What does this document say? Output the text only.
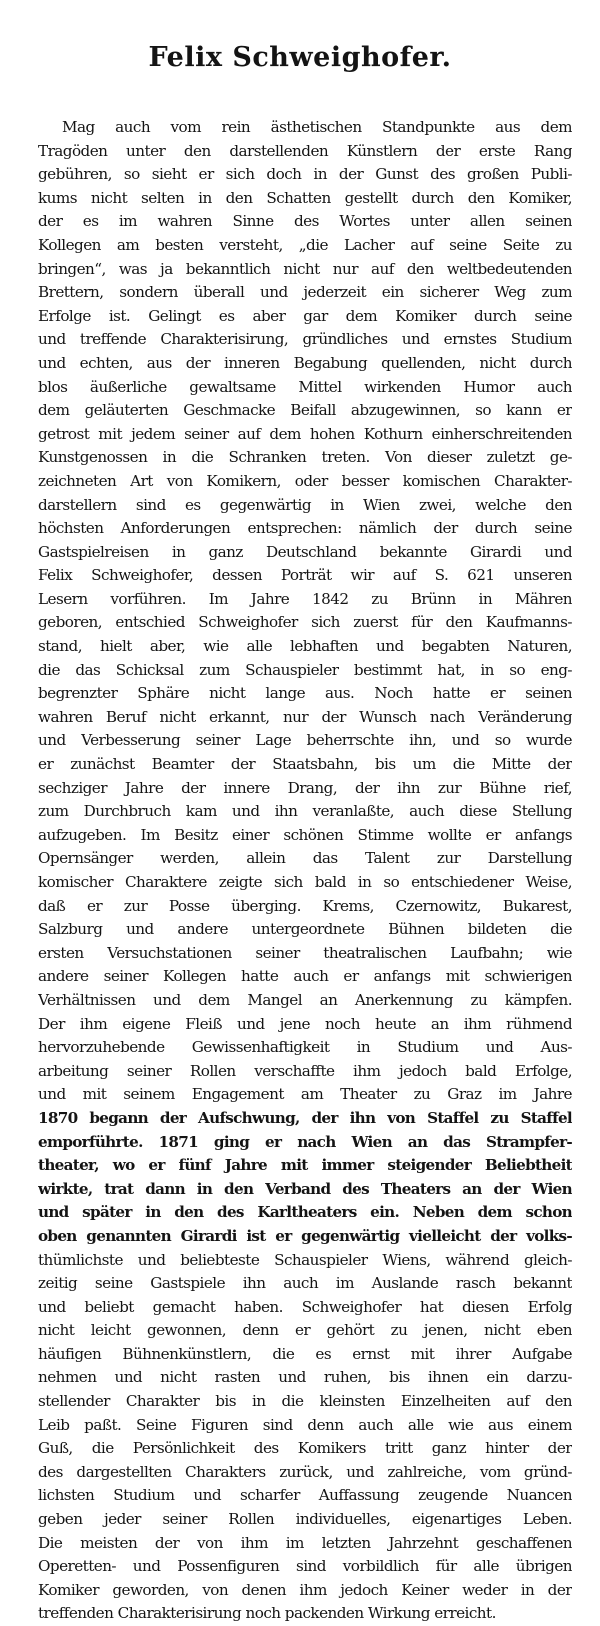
Felix Schweighofer.
Mag auch vom rein ästhetischen Standpunkte aus dem
Tragöden unter den darstellenden Künstlern der erste Rang
gebühren, so sieht er sich doch in der Gunst des großen Publi-
kums nicht selten in den Schatten gestellt durch den Komiker,
der es im wahren Sinne des Wortes unter allen seinen
Kollegen am besten versteht, „die Lacher auf seine Seite zu
bringen“, was ja bekanntlich nicht nur auf den weltbedeutenden
Brettern, sondern überall und jederzeit ein sicherer Weg zum
Erfolge ist. Gelingt es aber gar dem Komiker durch seine
und treffende Charakterisirung, gründliches und ernstes Studium
und echten, aus der inneren Begabung quellenden, nicht durch
blos äußerliche gewaltsame Mittel wirkenden Humor auch
dem geläuterten Geschmacke Beifall abzugewinnen, so kann er
getrost mit jedem seiner auf dem hohen Kothurn einherschreitenden
Kunstgenossen in die Schranken treten. Von dieser zuletzt ge-
zeichneten Art von Komikern, oder besser komischen Charakter-
darstellern sind es gegenwärtig in Wien zwei, welche den
höchsten Anforderungen entsprechen: nämlich der durch seine
Gastspielreisen in ganz Deutschland bekannte Girardi und
Felix Schweighofer, dessen Porträt wir auf S. 621 unseren
Lesern vorführen. Im Jahre 1842 zu Brünn in Mähren
geboren, entschied Schweighofer sich zuerst für den Kaufmanns-
stand, hielt aber, wie alle lebhaften und begabten Naturen,
die das Schicksal zum Schauspieler bestimmt hat, in so eng-
begrenzter Sphäre nicht lange aus. Noch hatte er seinen
wahren Beruf nicht erkannt, nur der Wunsch nach Veränderung
und Verbesserung seiner Lage beherrschte ihn, und so wurde
er zunächst Beamter der Staatsbahn, bis um die Mitte der
sechziger Jahre der innere Drang, der ihn zur Bühne rief,
zum Durchbruch kam und ihn veranlaßte, auch diese Stellung
aufzugeben. Im Besitz einer schönen Stimme wollte er anfangs
Opernsänger werden, allein das Talent zur Darstellung
komischer Charaktere zeigte sich bald in so entschiedener Weise,
daß er zur Posse überging. Krems, Czernowitz, Bukarest,
Salzburg und andere untergeordnete Bühnen bildeten die
ersten Versuchstationen seiner theatralischen Laufbahn; wie
andere seiner Kollegen hatte auch er anfangs mit schwierigen
Verhältnissen und dem Mangel an Anerkennung zu kämpfen.
Der ihm eigene Fleiß und jene noch heute an ihm rühmend
hervorzuhebende Gewissenhaftigkeit in Studium und Aus-
arbeitung seiner Rollen verschaffte ihm jedoch bald Erfolge,
und mit seinem Engagement am Theater zu Graz im Jahre
1870 begann der Aufschwung, der ihn von Staffel zu Staffel
emporführte. 1871 ging er nach Wien an das Strampfer-
theater, wo er fünf Jahre mit immer steigender Beliebtheit
wirkte, trat dann in den Verband des Theaters an der Wien
und später in den des Karltheaters ein. Neben dem schon
oben genannten Girardi ist er gegenwärtig vielleicht der volks-
thümlichste und beliebteste Schauspieler Wiens, während gleich-
zeitig seine Gastspiele ihn auch im Auslande rasch bekannt
und beliebt gemacht haben. Schweighofer hat diesen Erfolg
nicht leicht gewonnen, denn er gehört zu jenen, nicht eben
häufigen Bühnenkünstlern, die es ernst mit ihrer Aufgabe
nehmen und nicht rasten und ruhen, bis ihnen ein darzu-
stellender Charakter bis in die kleinsten Einzelheiten auf den
Leib paßt. Seine Figuren sind denn auch alle wie aus einem
Guß, die Persönlichkeit des Komikers tritt ganz hinter der
des dargestellten Charakters zurück, und zahlreiche, vom gründ-
lichsten Studium und scharfer Auffassung zeugende Nuancen
geben jeder seiner Rollen individuelles, eigenartiges Leben.
Die meisten der von ihm im letzten Jahrzehnt geschaffenen
Operetten- und Possenfiguren sind vorbildlich für alle übrigen
Komiker geworden, von denen ihm jedoch Keiner weder in der
treffenden Charakterisirung noch packenden Wirkung erreicht.
